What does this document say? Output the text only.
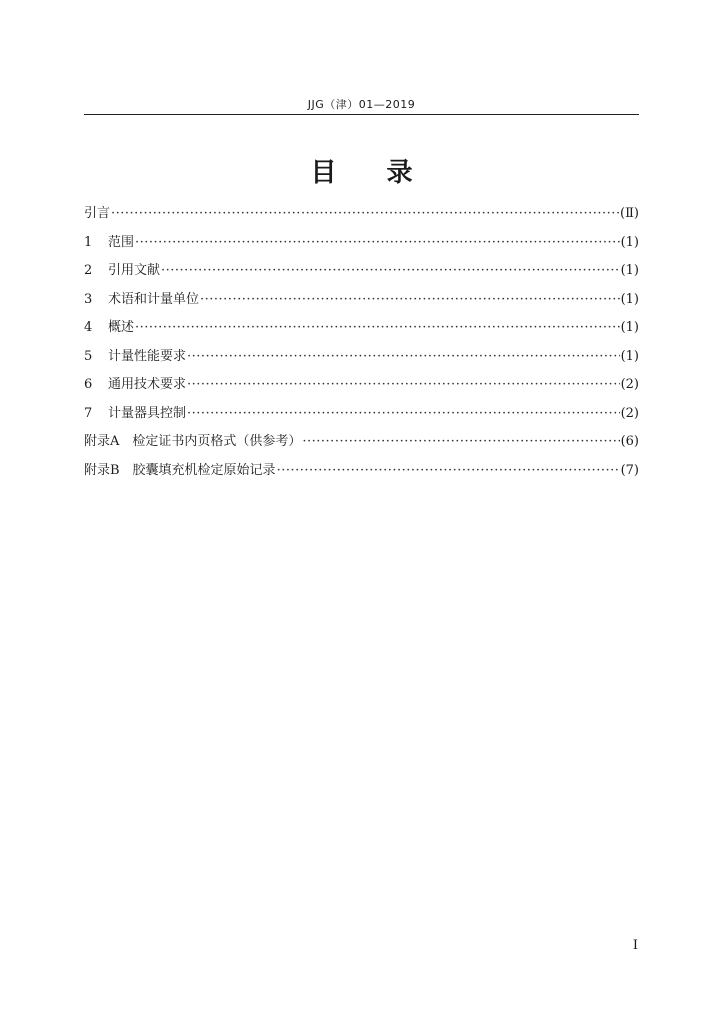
JJG（津）01—2019
目录
引言 ·····	(Ⅱ)
1	范围 ·····	(1)
2	引用文献 ·····	(1)
3	术语和计量单位 ·····	(1)
4	概述 ·····	(1)
5	计量性能要求 ·····	(1)
6	通用技术要求 ·····	(2)
7	计量器具控制 ·····	(2)
附录A　检定证书内页格式（供参考） ·····	(6)
附录B　胶囊填充机检定原始记录 ·····	(7)
I
